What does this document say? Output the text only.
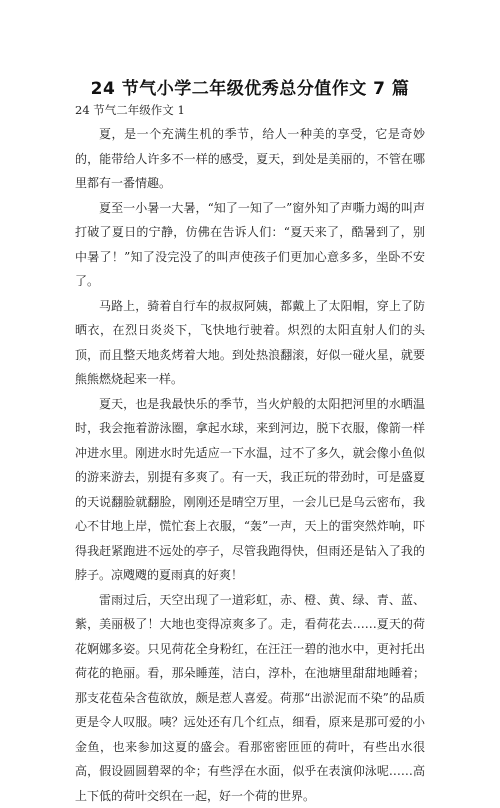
24 节气小学二年级优秀总分值作文 7 篇
24 节气二年级作文 1

夏，是一个充满生机的季节，给人一种美的享受，它是奇妙的，能带给人许多不一样的感受，夏天，到处是美丽的，不管在哪里都有一番情趣。

夏至一小暑一大暑，“知了一知了一”窗外知了声嘶力竭的叫声打破了夏日的宁静，仿佛在告诉人们：“夏天来了，酷暑到了，别中暑了！”知了没完没了的叫声使孩子们更加心意多多，坐卧不安了。

马路上，骑着自行车的叔叔阿姨，都戴上了太阳帽，穿上了防晒衣，在烈日炎炎下，飞快地行驶着。炽烈的太阳直射人们的头顶，而且整天地炙烤着大地。到处热浪翻滚，好似一碰火星，就要熊熊燃烧起来一样。

夏天，也是我最快乐的季节，当火炉般的太阳把河里的水晒温时，我会拖着游泳圈，拿起水球，来到河边，脱下衣服，像箭一样冲进水里。刚进水时先适应一下水温，过不了多久，就会像小鱼似的游来游去，别提有多爽了。有一天，我正玩的带劲时，可是盛夏的天说翻脸就翻脸，刚刚还是晴空万里，一会儿已是乌云密布，我心不甘地上岸，慌忙套上衣服，“轰”一声，天上的雷突然炸响，吓得我赶紧跑进不远处的亭子，尽管我跑得快，但雨还是钻入了我的脖子。凉飕飕的夏雨真的好爽！

雷雨过后，天空出现了一道彩虹，赤、橙、黄、绿、青、蓝、紫，美丽极了！大地也变得凉爽多了。走，看荷花去……夏天的荷花婀娜多姿。只见荷花全身粉红，在汪汪一碧的池水中，更衬托出荷花的艳丽。看，那朵睡莲，洁白，淳朴，在池塘里甜甜地睡着；那支花苞朵含苞欲放，颇是惹人喜爱。荷那“出淤泥而不染”的品质更是令人叹服。咦？远处还有几个红点，细看，原来是那可爱的小金鱼，也来参加这夏的盛会。看那密密匝匝的荷叶，有些出水很高，假设圆圆碧翠的伞；有些浮在水面，似乎在表演仰泳呢……高上下低的荷叶交织在一起，好一个荷的世界。
